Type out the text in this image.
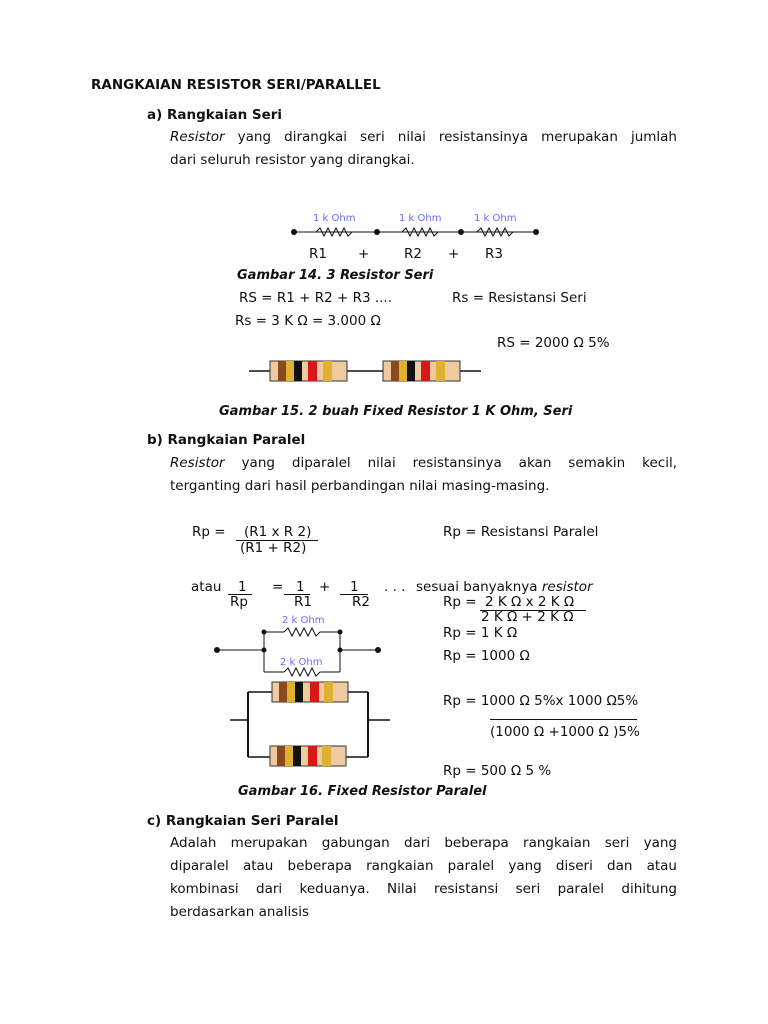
RANGKAIAN RESISTOR SERI/PARALLEL
a) Rangkaian Seri
Resistor yang dirangkai seri nilai resistansinya merupakan jumlah
dari seluruh resistor yang dirangkai.
1 k Ohm	1 k Ohm	1 k Ohm
R1 +	R2 + R3
Gambar 14. 3 Resistor Seri
RS = R1 + R2 + R3 ....	Rs = Resistansi Seri
Rs = 3 K Ω = 3.000 Ω
RS = 2000 Ω 5%
Gambar 15. 2 buah Fixed Resistor 1 K Ohm, Seri
b) Rangkaian Paralel
Resistor yang diparalel nilai resistansinya akan semakin kecil,
terganting dari hasil perbandingan nilai masing-masing.
Rp = (R1 x R 2)
(R1 + R2)
Rp = Resistansi Paralel
atau 1
Rp
= 1
R1
+ 1
R2
. . . sesuai banyaknya resistor
Rp = 2 K Ω x 2 K Ω
2 K Ω + 2 K Ω
Rp = 1 K Ω
Rp = 1000 Ω
Rp = 1000 Ω 5%x 1000 Ω5%
(1000 Ω +1000 Ω )5%
Rp = 500 Ω 5 %
2 k Ohm
2 k Ohm
Gambar 16. Fixed Resistor Paralel
c) Rangkaian Seri Paralel
Adalah merupakan gabungan dari beberapa rangkaian seri yang
diparalel atau beberapa rangkaian paralel yang diseri dan atau
kombinasi dari keduanya. Nilai resistansi seri paralel dihitung
berdasarkan analisis
